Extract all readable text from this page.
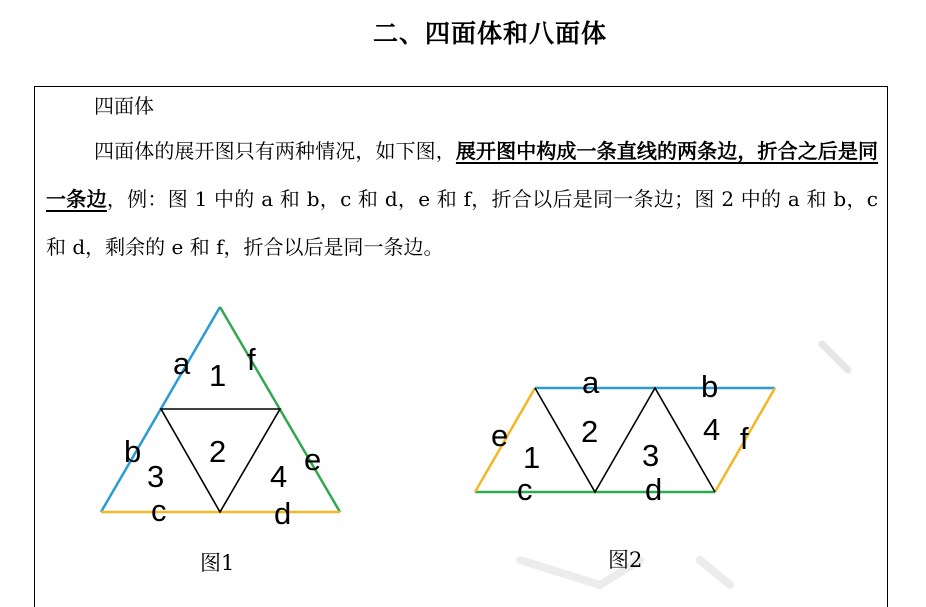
二、四面体和八面体
四面体
四面体的展开图只有两种情况，如下图，展开图中构成一条直线的两条边，折合之后是同一条边，例：图 1 中的 a 和 b，c 和 d，e 和 f，折合以后是同一条边；图 2 中的 a 和 b，c 和 d，剩余的 e 和 f，折合以后是同一条边。
a f
b	e
c	d
1
2
3	4
图1
a	b
e	f
c	d
1
2
3
4
图2
